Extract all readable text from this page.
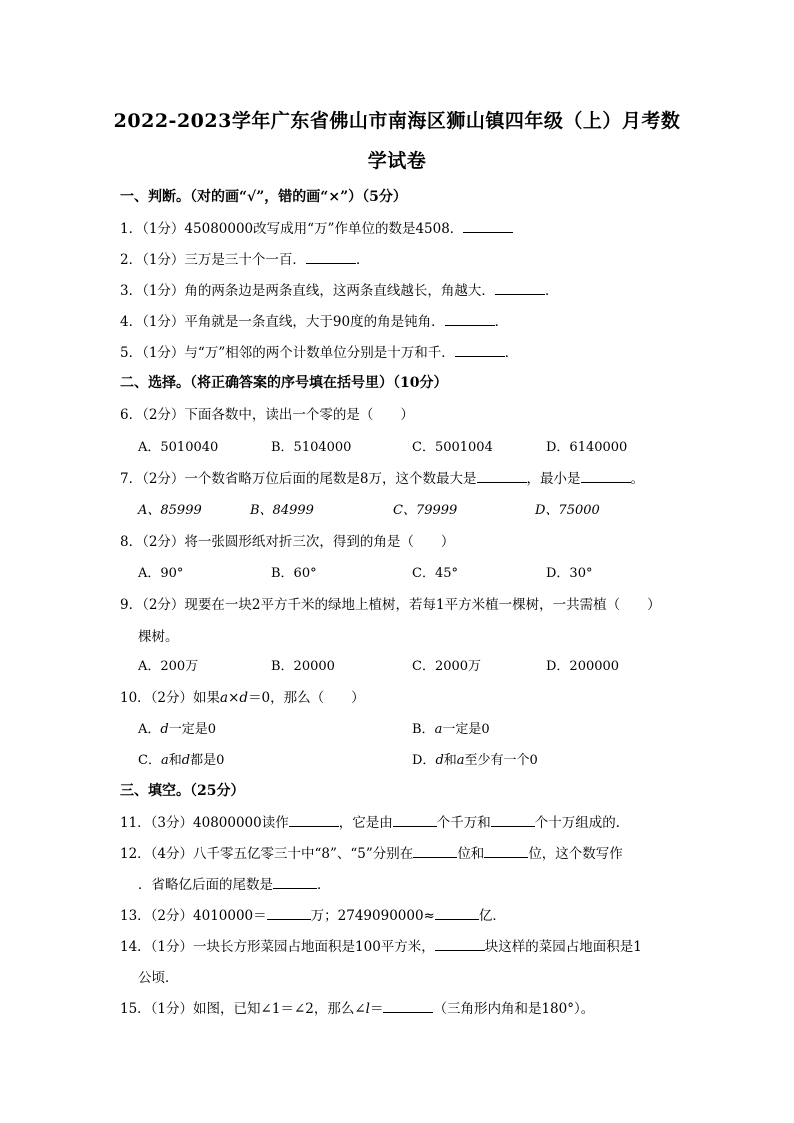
2022-2023学年广东省佛山市南海区狮山镇四年级（上）月考数
学试卷
一、判断。（对的画“√”，错的画“×”）（5分）
1．（1分）45080000改写成用“万”作单位的数是4508．
2．（1分）三万是三十个一百．	．
3．（1分）角的两条边是两条直线，这两条直线越长，角越大．	．
4．（1分）平角就是一条直线，大于90度的角是钝角．	．
5．（1分）与“万”相邻的两个计数单位分别是十万和千．	．
二、选择。（将正确答案的序号填在括号里）（10分）
6．（2分）下面各数中，读出一个零的是（　　）
A．5010040	B．5104000	C．5001004	D．6140000
7．（2分）一个数省略万位后面的尾数是8万，这个数最大是	，最小是	。
A、85999	B、84999	C、79999	D、75000
8．（2分）将一张圆形纸对折三次，得到的角是（　　）
A．90°	B．60°	C．45°	D．30°
9．（2分）现要在一块2平方千米的绿地上植树，若每1平方米植一棵树，一共需植（　　）
棵树。
A．200万	B．20000	C．2000万	D．200000
10．（2分）如果a×d＝0，那么（　　）
A．d一定是0	B．a一定是0
C．a和d都是0	D．d和a至少有一个0
三、填空。（25分）
11．（3分）40800000读作	，它是由	个千万和	个十万组成的．
12．（4分）八千零五亿零三十中“8”、“5”分别在	位和	位，这个数写作
．省略亿后面的尾数是	．
13．（2分）4010000＝	万；2749090000≈	亿．
14．（1分）一块长方形菜园占地面积是100平方米，	块这样的菜园占地面积是1
公顷．
15．（1分）如图，已知∠1＝∠2，那么∠l＝	（三角形内角和是180°）。
